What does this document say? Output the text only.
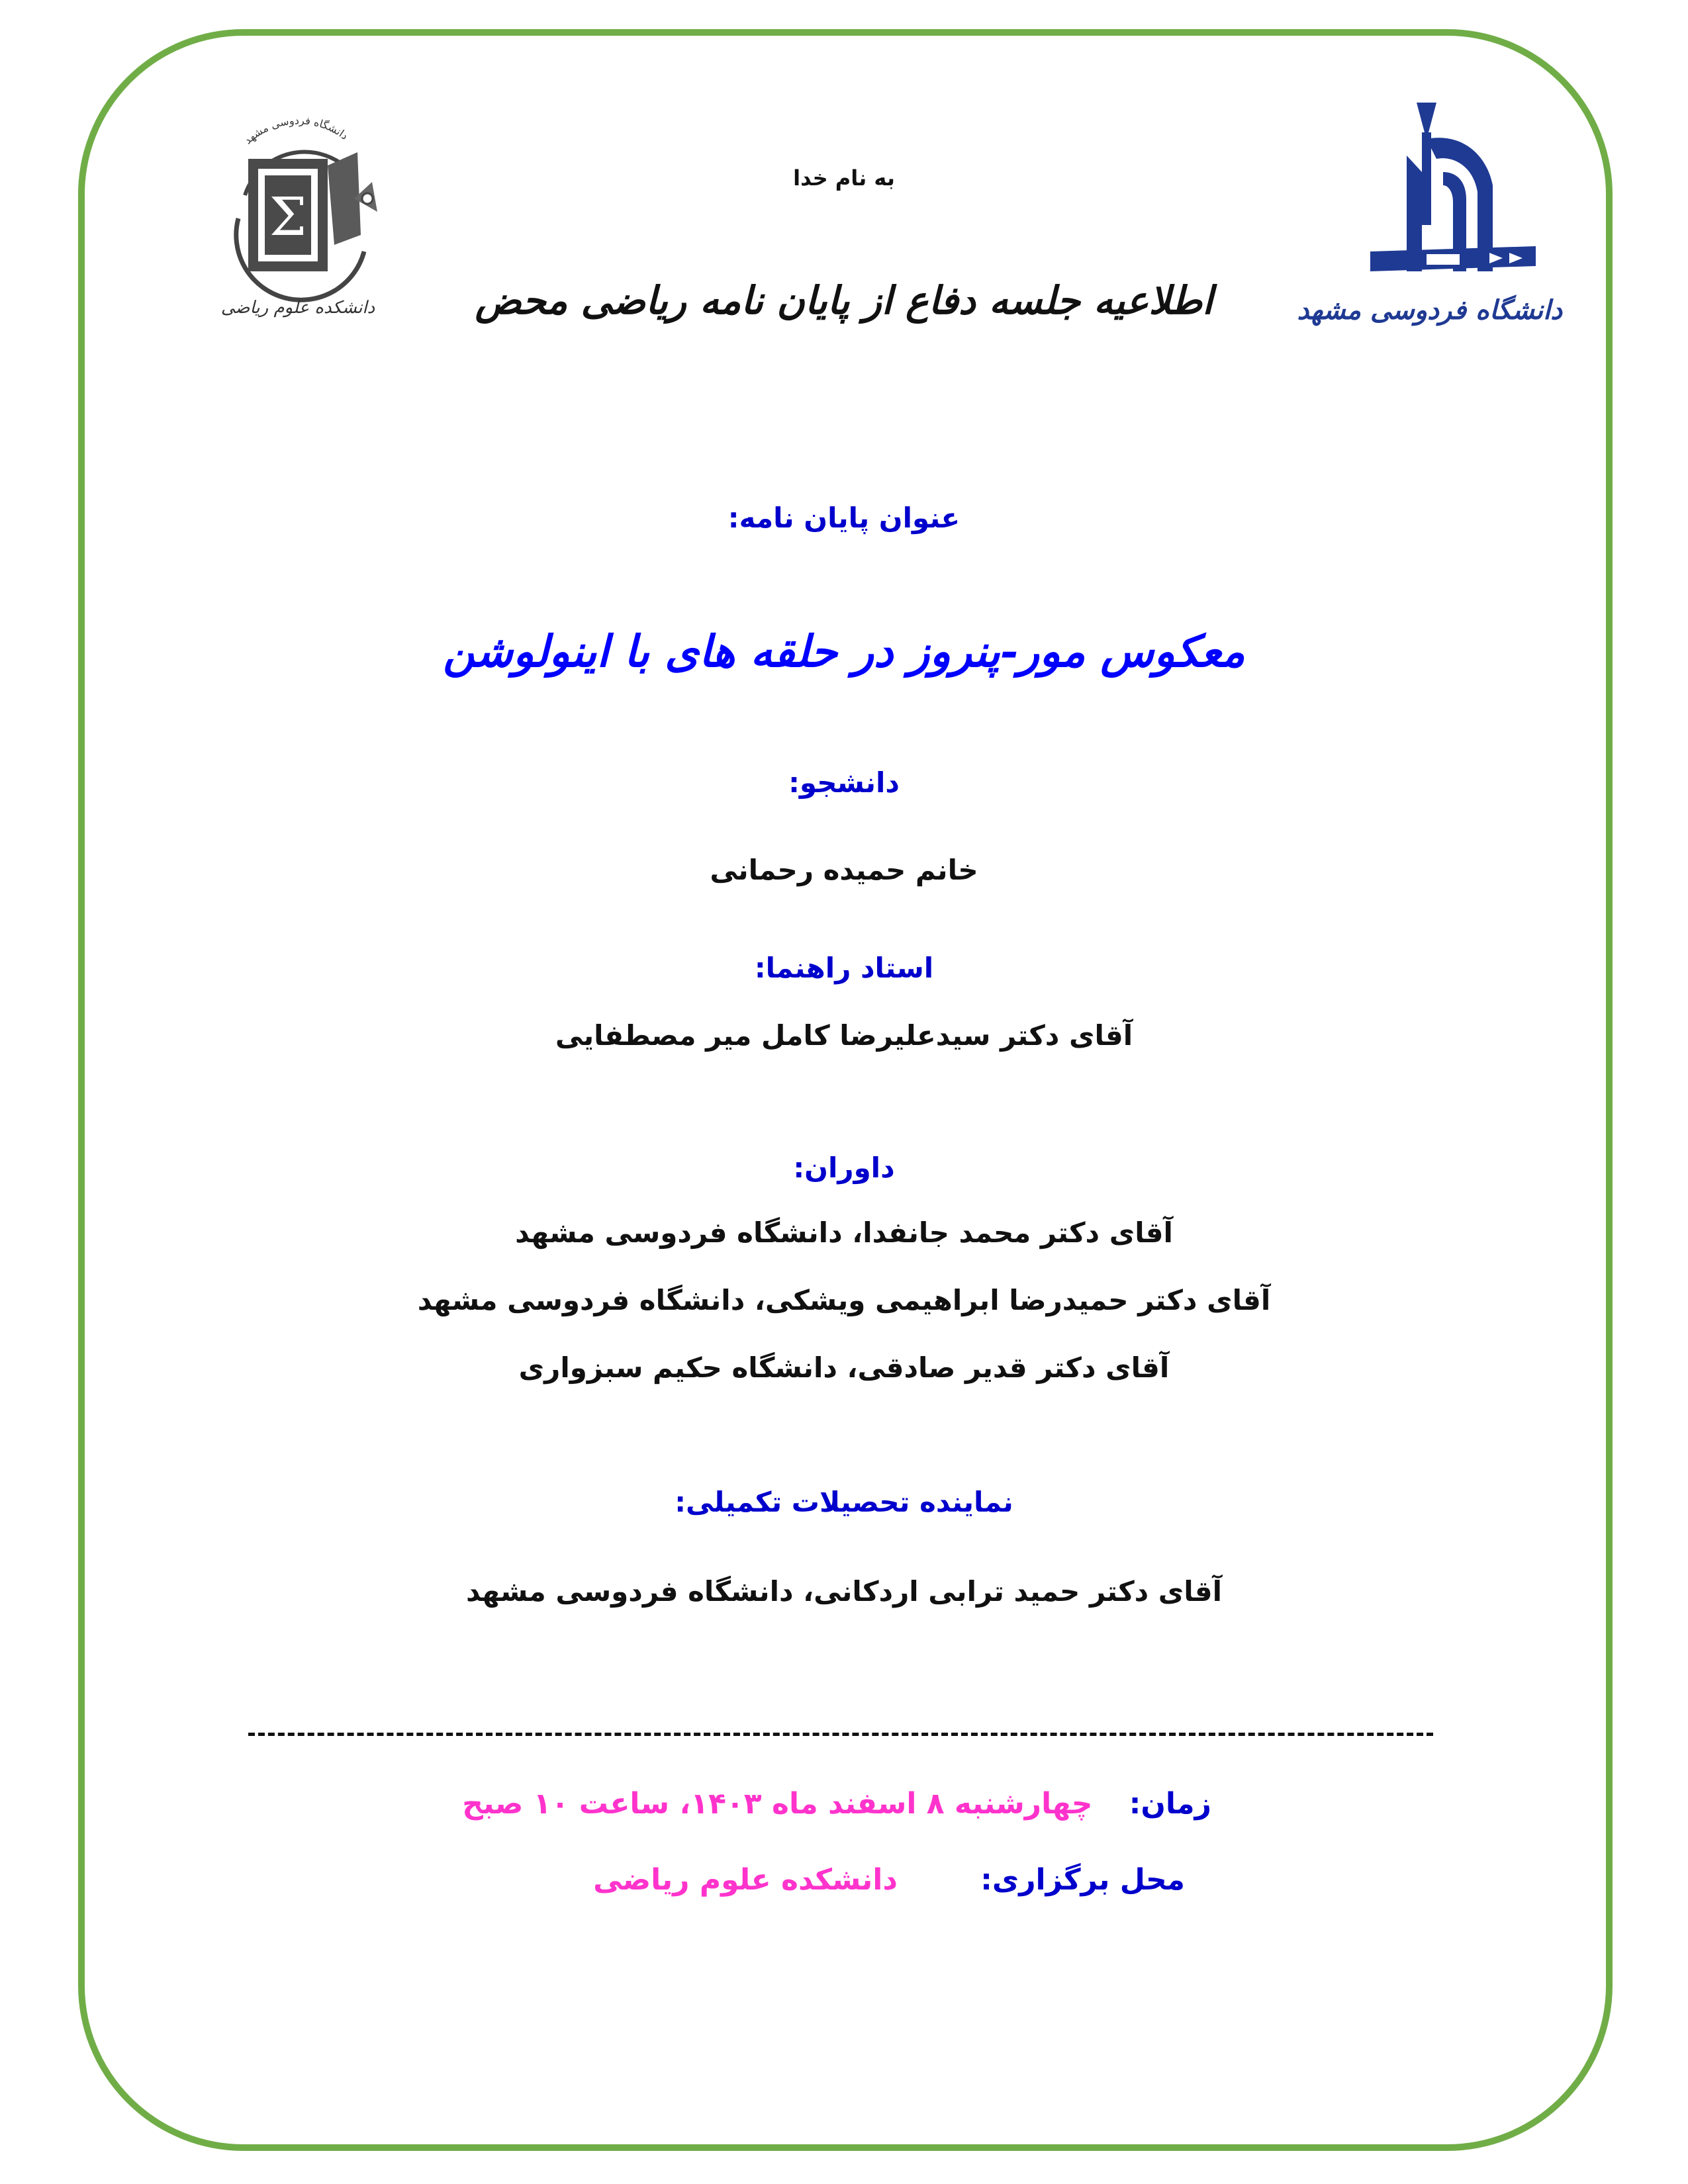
دانشگاه فردوسی مشهد
Σ
دانشکده علوم ریاضی	دانشگاه فردوسی مشهد
به نام خدا
اطلاعیه جلسه دفاع از پایان نامه ریاضی محض
عنوان پایان نامه:
معکوس مور-پنروز در حلقه های با اینولوشن
دانشجو:
خانم حمیده رحمانی
استاد راهنما:
آقای دکتر سیدعلیرضا کامل میر مصطفایی
داوران:
آقای دکتر محمد جانفدا، دانشگاه فردوسی مشهد
آقای دکتر حمیدرضا ابراهیمی ویشکی، دانشگاه فردوسی مشهد
آقای دکتر قدیر صادقی، دانشگاه حکیم سبزواری
نماینده تحصیلات تکمیلی:
آقای دکتر حمید ترابی اردکانی، دانشگاه فردوسی مشهد
زمان: چهارشنبه ۸ اسفند ماه ۱۴۰۳، ساعت ۱۰ صبح
محل برگزاری: دانشکده علوم ریاضی
